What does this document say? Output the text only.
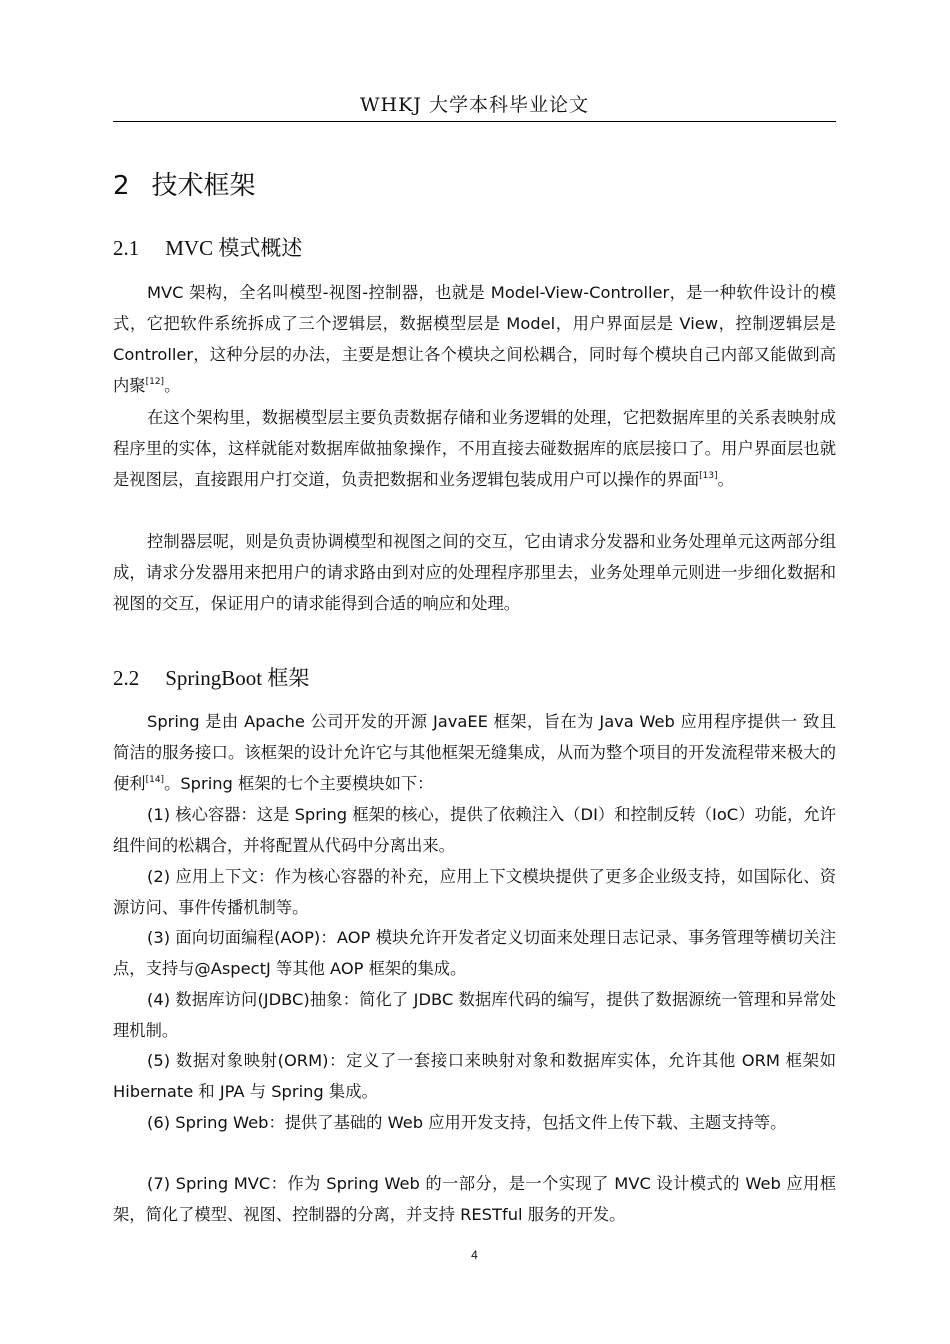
WHKJ 大学本科毕业论文
2 技术框架
2.1 MVC 模式概述

MVC 架构，全名叫模型-视图-控制器，也就是 Model-View-Controller，是一种软件设计的模式，它把软件系统拆成了三个逻辑层，数据模型层是 Model，用户界面层是 View，控制逻辑层是 Controller，这种分层的办法，主要是想让各个模块之间松耦合，同时每个模块自己内部又能做到高内聚[12]。

在这个架构里，数据模型层主要负责数据存储和业务逻辑的处理，它把数据库里的关系表映射成程序里的实体，这样就能对数据库做抽象操作，不用直接去碰数据库的底层接口了。用户界面层也就是视图层，直接跟用户打交道，负责把数据和业务逻辑包装成用户可以操作的界面[13]。

控制器层呢，则是负责协调模型和视图之间的交互，它由请求分发器和业务处理单元这两部分组成，请求分发器用来把用户的请求路由到对应的处理程序那里去，业务处理单元则进一步细化数据和视图的交互，保证用户的请求能得到合适的响应和处理。

2.2 SpringBoot 框架

Spring 是由 Apache 公司开发的开源 JavaEE 框架，旨在为 Java Web 应用程序提供一 致且简洁的服务接口。该框架的设计允许它与其他框架无缝集成，从而为整个项目的开发流程带来极大的便利[14]。Spring 框架的七个主要模块如下：

(1) 核心容器：这是 Spring 框架的核心，提供了依赖注入（DI）和控制反转（IoC）功能，允许组件间的松耦合，并将配置从代码中分离出来。

(2) 应用上下文：作为核心容器的补充，应用上下文模块提供了更多企业级支持，如国际化、资源访问、事件传播机制等。

(3) 面向切面编程(AOP)：AOP 模块允许开发者定义切面来处理日志记录、事务管理等横切关注点，支持与@AspectJ 等其他 AOP 框架的集成。

(4) 数据库访问(JDBC)抽象：简化了 JDBC 数据库代码的编写，提供了数据源统一管理和异常处理机制。

(5) 数据对象映射(ORM)：定义了一套接口来映射对象和数据库实体，允许其他 ORM 框架如 Hibernate 和 JPA 与 Spring 集成。

(6) Spring Web：提供了基础的 Web 应用开发支持，包括文件上传下载、主题支持等。

(7) Spring MVC：作为 Spring Web 的一部分，是一个实现了 MVC 设计模式的 Web 应用框架，简化了模型、视图、控制器的分离，并支持 RESTful 服务的开发。

4
